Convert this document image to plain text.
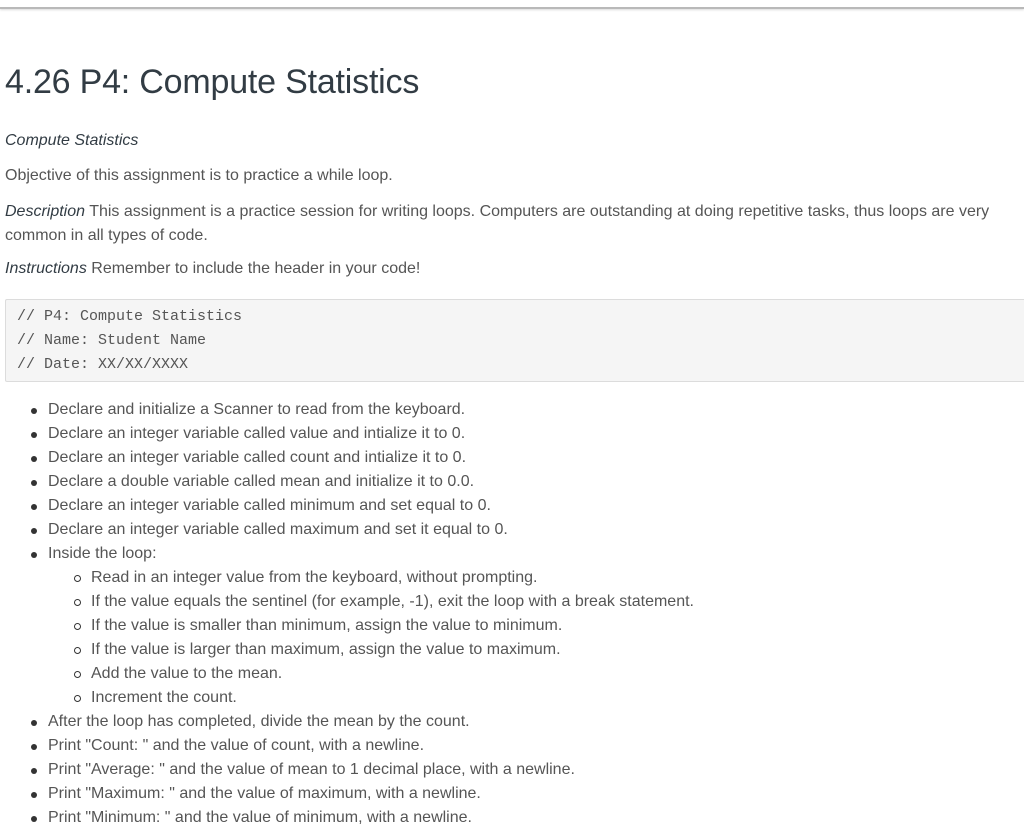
4.26 P4: Compute Statistics
Compute Statistics

Objective of this assignment is to practice a while loop.

Description This assignment is a practice session for writing loops. Computers are outstanding at doing repetitive tasks, thus loops are very common in all types of code.

Instructions Remember to include the header in your code!

// P4: Compute Statistics
// Name: Student Name
// Date: XX/XX/XXXX
Declare and initialize a Scanner to read from the keyboard.
Declare an integer variable called value and intialize it to 0.
Declare an integer variable called count and intialize it to 0.
Declare a double variable called mean and initialize it to 0.0.
Declare an integer variable called minimum and set equal to 0.
Declare an integer variable called maximum and set it equal to 0.
Inside the loop:
Read in an integer value from the keyboard, without prompting.
If the value equals the sentinel (for example, -1), exit the loop with a break statement.
If the value is smaller than minimum, assign the value to minimum.
If the value is larger than maximum, assign the value to maximum.
Add the value to the mean.
Increment the count.
After the loop has completed, divide the mean by the count.
Print "Count: " and the value of count, with a newline.
Print "Average: " and the value of mean to 1 decimal place, with a newline.
Print "Maximum: " and the value of maximum, with a newline.
Print "Minimum: " and the value of minimum, with a newline.
